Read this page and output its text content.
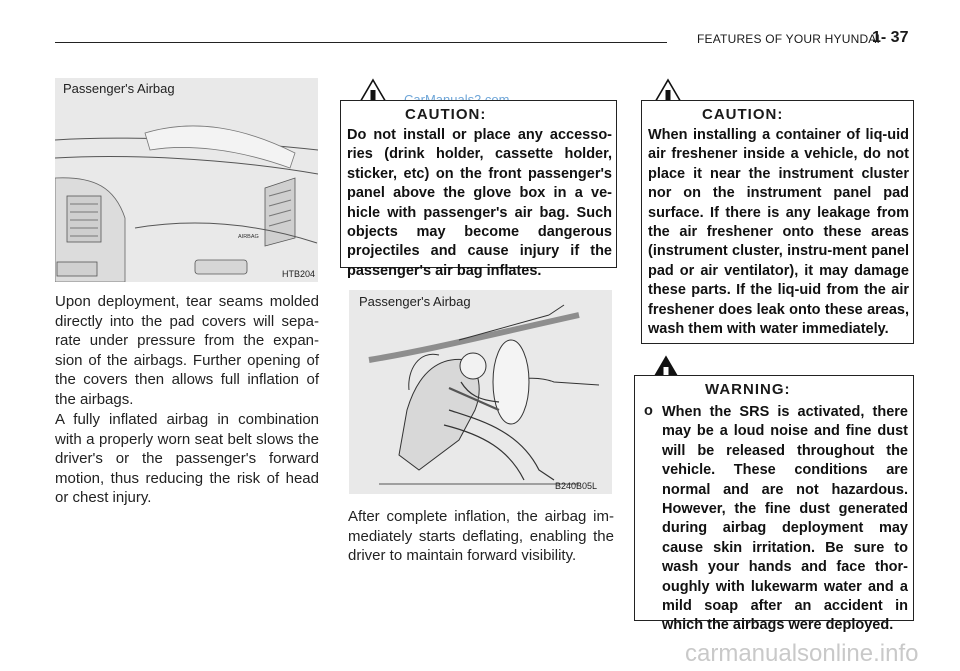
FEATURES OF YOUR HYUNDAI
1- 37
AIRBAG
Passenger's Airbag
HTB204
Upon deployment, tear seams molded directly into the pad covers will sepa-rate under pressure from the expan-sion of the airbags. Further opening of the covers then allows full inflation of the airbags.
A fully inflated airbag in combination with a properly worn seat belt slows the driver's or the passenger's forward motion, thus reducing the risk of head or chest injury.
CAUTION:
Do not install or place any accesso-ries (drink holder, cassette holder, sticker, etc) on the front passenger's panel above the glove box in a ve-hicle with passenger's air bag. Such objects may become dangerous projectiles and cause injury if the passenger's air bag inflates.
Passenger's Airbag
B240B05L
After complete inflation, the airbag im-mediately starts deflating, enabling the driver to maintain forward visibility.
CAUTION:
When installing a container of liq-uid air freshener inside a vehicle, do not place it near the instrument cluster nor on the instrument panel pad surface. If there is any leakage from the air freshener onto these areas (instrument cluster, instru-ment panel pad or air ventilator), it may damage these parts. If the liq-uid from the air freshener does leak onto these areas, wash them with water immediately.
WARNING:
o When the SRS is activated, there may be a loud noise and fine dust will be released throughout the vehicle. These conditions are normal and are not hazardous. However, the fine dust generated during airbag deployment may cause skin irritation. Be sure to wash your hands and face thor-oughly with lukewarm water and a mild soap after an accident in which the airbags were deployed.
carmanualsonline.info
